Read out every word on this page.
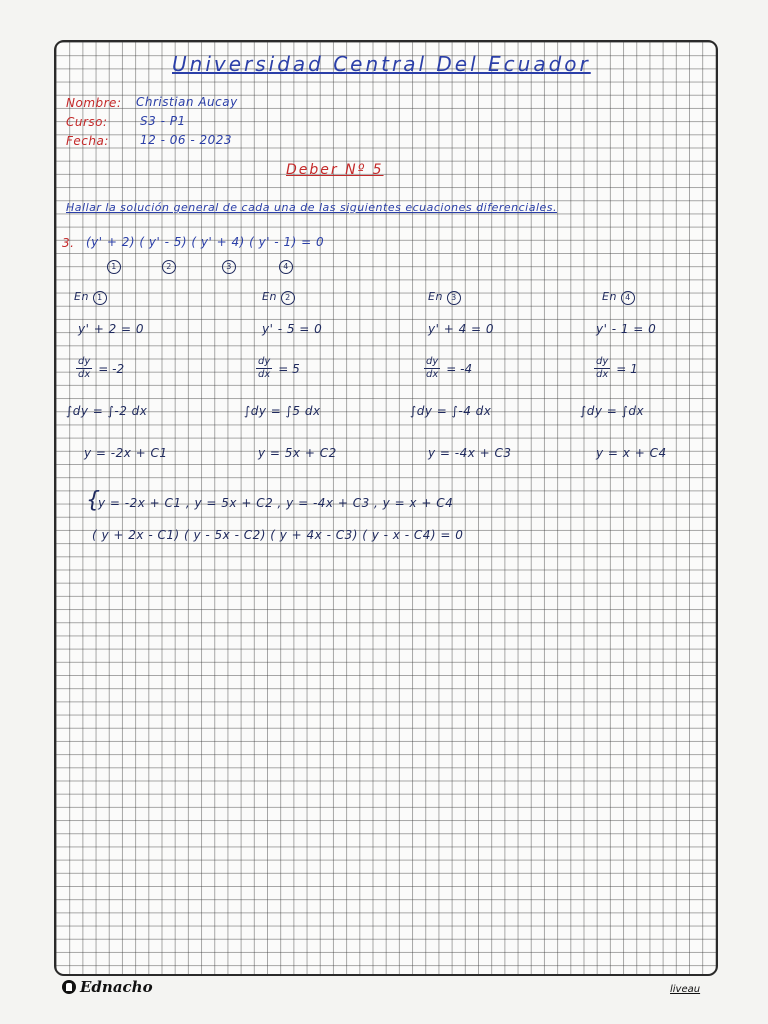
Universidad Central Del Ecuador
Nombre: Christian Aucay
Curso:	S3 - P1
Fecha:	12 - 06 - 2023
Deber Nº 5
Hallar la solución general de cada una de las siguientes ecuaciones diferenciales.
3. (y' + 2) ( y' - 5) ( y' + 4) ( y' - 1) = 0
1	2	3	4
En 1
y' + 2 = 0
$\frac{dy}{dx} = -2$
∫dy = ∫-2 dx
y = -2x + C1
En 2
y' - 5 = 0
$\frac{dy}{dx} = 5$
∫dy = ∫5 dx
y = 5x + C2
En 3
y' + 4 = 0
$\frac{dy}{dx} = -4$
∫dy = ∫-4 dx
y = -4x + C3
En 4
y' - 1 = 0
$\frac{dy}{dx} = 1$
∫dy = ∫dx
y = x + C4
{
y = -2x + C1 , y = 5x + C2 , y = -4x + C3 , y = x + C4
( y + 2x - C1) ( y - 5x - C2) ( y + 4x - C3) ( y - x - C4) = 0
Ednacho	liveau
